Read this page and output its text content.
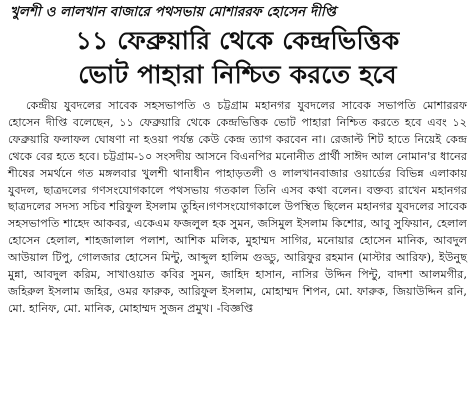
খুলশী ও লালখান বাজারে পথসভায় মোশাররফ হোসেন দীপ্তি
১১ ফেব্রুয়ারি থেকে কেন্দ্রভিত্তিক
ভোট পাহারা নিশ্চিত করতে হবে

কেন্দ্রীয় যুবদলের সাবেক সহসভাপতি ও চট্টগ্রাম মহানগর যুবদলের সাবেক সভাপতি মোশাররফ হোসেন দীপ্তি বলেছেন, ১১ ফেব্রুয়ারি থেকে কেন্দ্রভিত্তিক ভোট পাহারা নিশ্চিত করতে হবে এবং ১২ ফেব্রুয়ারি ফলাফল ঘোষণা না হওয়া পর্যন্ত কেউ কেন্দ্র ত্যাগ করবেন না। রেজাল্ট শিট হাতে নিয়েই কেন্দ্র থেকে বের হতে হবে। চট্টগ্রাম-১০ সংসদীয় আসনে বিএনপির মনোনীত প্রার্থী সাঈদ আল নোমান'র ধানের শীষের সমর্থনে গত মঙ্গলবার খুলশী থানাধীন পাহাড়তলী ও লালখানবাজার ওয়ার্ডের বিভিন্ন এলাকায় যুবদল, ছাত্রদলের গণসংযোগকালে পথসভায় গতকাল তিনি এসব কথা বলেন। বক্তব্য রাখেন মহানগর ছাত্রদলের সদস্য সচিব শরিফুল ইসলাম তুহিন।গণসংযোগকালে উপস্থিত ছিলেন মহানগর যুবদলের সাবেক সহসভাপতি শাহেদ আকবর, একেএম ফজলুল হক সুমন, জসিমুল ইসলাম কিশোর, আবু সুফিয়ান, হেলাল হোসেন হেলাল, শাহজালাল পলাশ, আশিক মলিক, মুহাম্মদ সাগির, মনোয়ার হোসেন মানিক, আবদুল আউয়াল টিপু, গোলজার হোসেন মিন্টু, আব্দুল হালিম গুড্ডু, আরিফুর রহমান (মাস্টার আরিফ), ইউনুছ মুন্না, আবদুল করিম, সাখাওয়াত কবির সুমন, জাহিদ হাসান, নাসির উদ্দিন পিন্টু, বাদশা আলমগীর, জহিরুল ইসলাম জহির, ওমর ফারুক, আরিফুল ইসলাম, মোহাম্মদ শিপন, মো. ফারুক, জিয়াউদ্দিন রনি, মো. হানিফ, মো. মানিক, মোহাম্মদ সুজন প্রমুখ। -বিজ্ঞপ্তি
